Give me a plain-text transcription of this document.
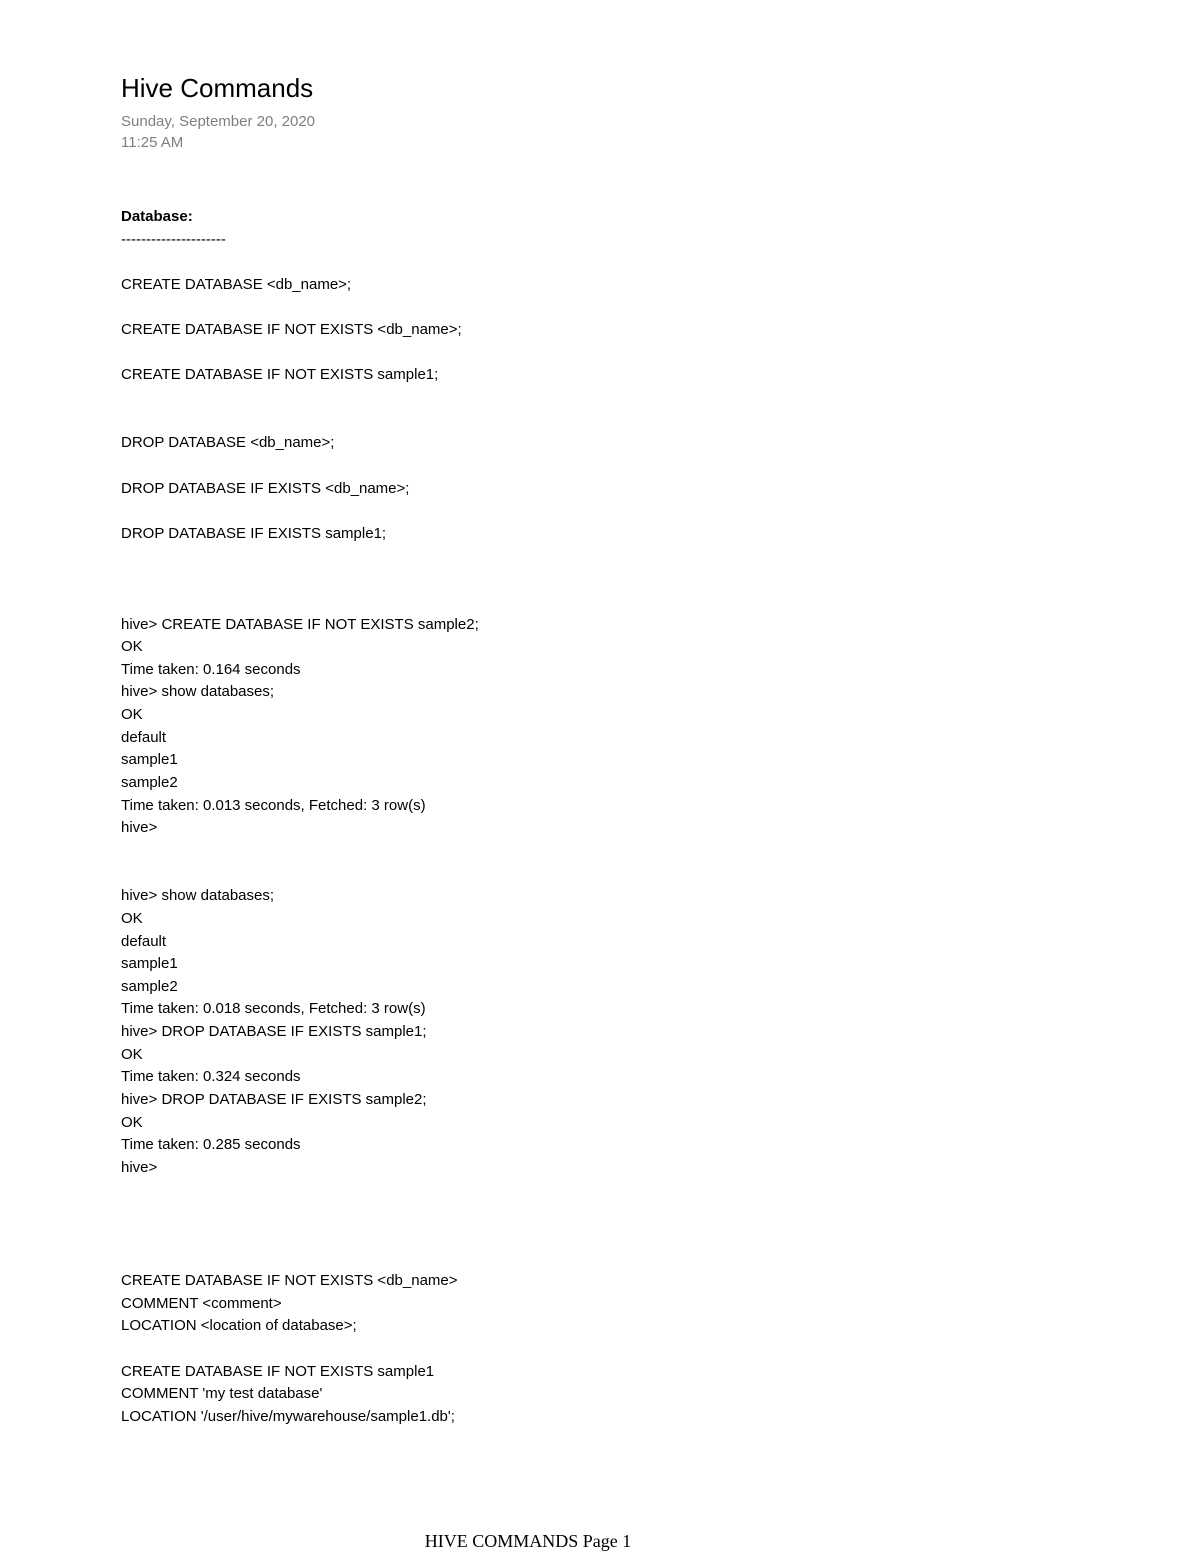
Hive Commands
Sunday, September 20, 2020
11:25 AM
Database:
---------------------
CREATE DATABASE <db_name>;
CREATE DATABASE IF NOT EXISTS <db_name>;
CREATE DATABASE IF NOT EXISTS sample1;
DROP DATABASE <db_name>;
DROP DATABASE IF EXISTS <db_name>;
DROP DATABASE IF EXISTS sample1;
hive> CREATE DATABASE IF NOT EXISTS sample2;
OK
Time taken: 0.164 seconds
hive> show databases;
OK
default
sample1
sample2
Time taken: 0.013 seconds, Fetched: 3 row(s)
hive>
hive> show databases;
OK
default
sample1
sample2
Time taken: 0.018 seconds, Fetched: 3 row(s)
hive> DROP DATABASE IF EXISTS sample1;
OK
Time taken: 0.324 seconds
hive> DROP DATABASE IF EXISTS sample2;
OK
Time taken: 0.285 seconds
hive>
CREATE DATABASE IF NOT EXISTS <db_name>
COMMENT <comment>
LOCATION <location of database>;
CREATE DATABASE IF NOT EXISTS sample1
COMMENT 'my test database'
LOCATION '/user/hive/mywarehouse/sample1.db';
HIVE COMMANDS Page 1
